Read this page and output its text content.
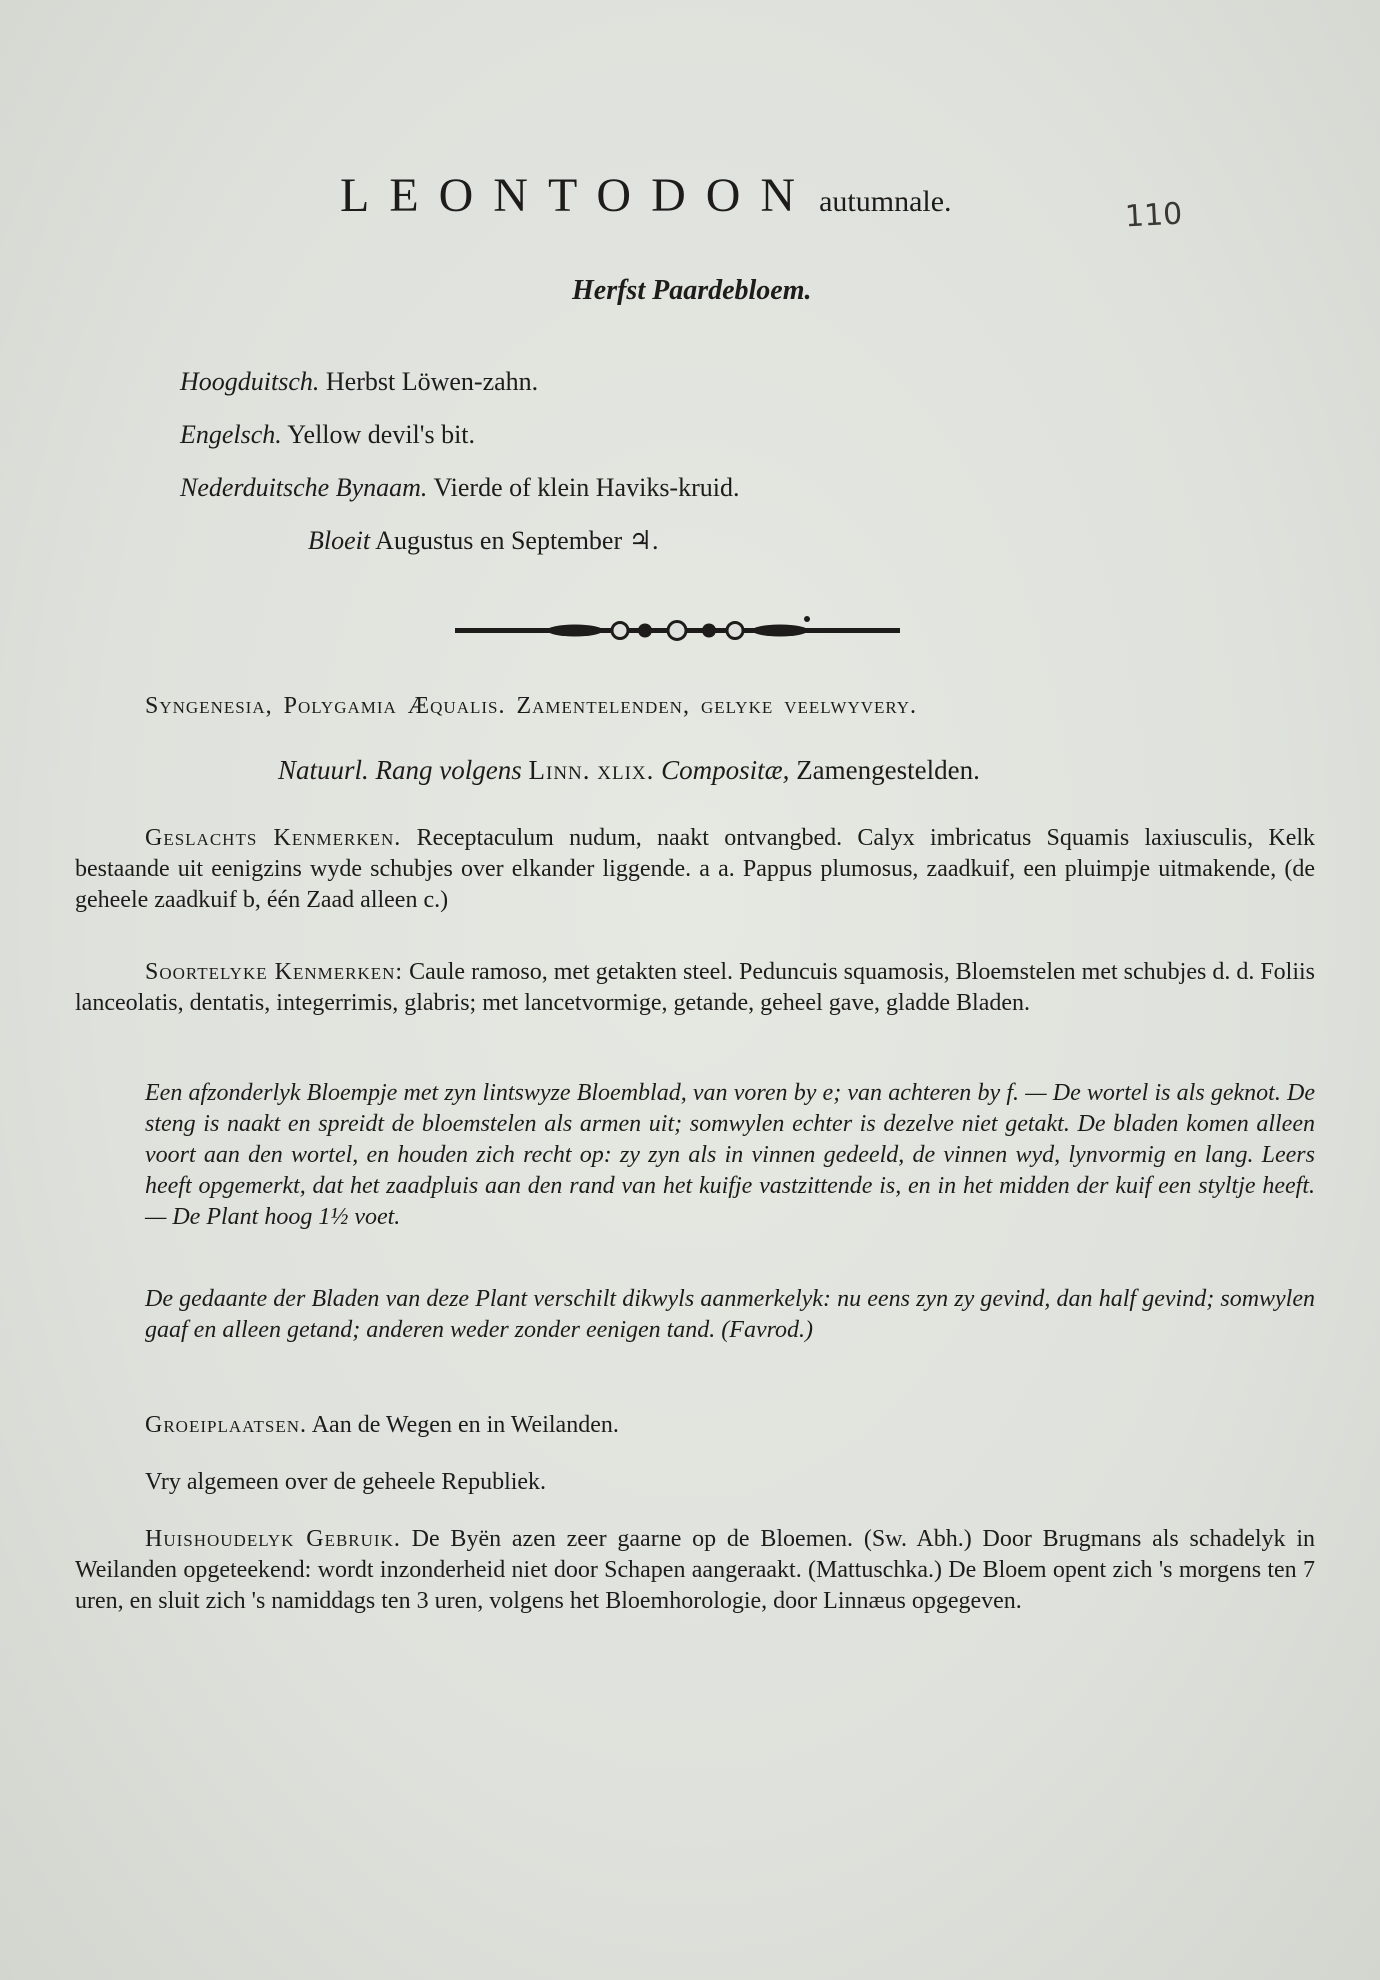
LEONTODON autumnale.	110
Herfst Paardebloem.
Hoogduitsch. Herbst Löwen-zahn.
Engelsch. Yellow devil's bit.
Nederduitsche Bynaam. Vierde of klein Haviks-kruid.
Bloeit Augustus en September ♃.
Syngenesia, Polygamia Æqualis. Zamentelenden, gelyke veelwyvery.
Natuurl. Rang volgens Linn. xlix. Compositæ, Zamengestelden.

Geslachts Kenmerken. Receptaculum nudum, naakt ontvangbed. Calyx imbricatus Squamis laxiusculis, Kelk bestaande uit eenigzins wyde schubjes over elkander liggende. a a. Pappus plumosus, zaadkuif, een pluimpje uitmakende, (de geheele zaadkuif b, één Zaad alleen c.)

Soortelyke Kenmerken: Caule ramoso, met getakten steel. Peduncuis squamosis, Bloemstelen met schubjes d. d. Foliis lanceolatis, dentatis, integerrimis, glabris; met lancetvormige, getande, geheel gave, gladde Bladen.

Een afzonderlyk Bloempje met zyn lintswyze Bloemblad, van voren by e; van achteren by f. — De wortel is als geknot. De steng is naakt en spreidt de bloemstelen als armen uit; somwylen echter is dezelve niet getakt. De bladen komen alleen voort aan den wortel, en houden zich recht op: zy zyn als in vinnen gedeeld, de vinnen wyd, lynvormig en lang. Leers heeft opgemerkt, dat het zaadpluis aan den rand van het kuifje vastzittende is, en in het midden der kuif een styltje heeft. — De Plant hoog 1½ voet.
De gedaante der Bladen van deze Plant verschilt dikwyls aanmerkelyk: nu eens zyn zy gevind, dan half gevind; somwylen gaaf en alleen getand; anderen weder zonder eenigen tand. (Favrod.)

Groeiplaatsen. Aan de Wegen en in Weilanden.

Vry algemeen over de geheele Republiek.

Huishoudelyk Gebruik. De Byën azen zeer gaarne op de Bloemen. (Sw. Abh.) Door Brugmans als schadelyk in Weilanden opgeteekend: wordt inzonderheid niet door Schapen aangeraakt. (Mattuschka.) De Bloem opent zich 's morgens ten 7 uren, en sluit zich 's namiddags ten 3 uren, volgens het Bloemhorologie, door Linnæus opgegeven.
